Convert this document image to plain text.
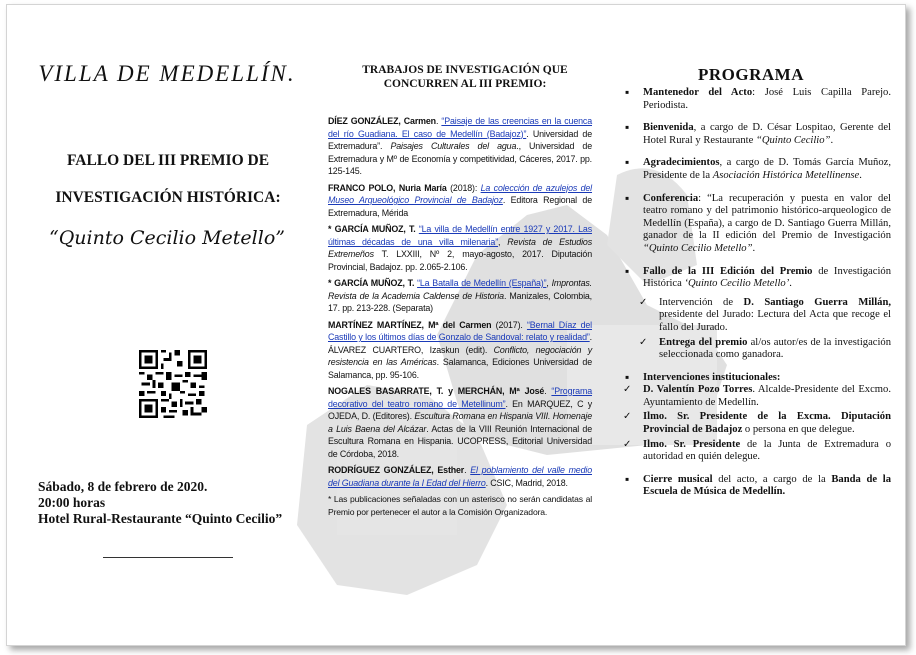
VILLA DE MEDELLÍN.
FALLO DEL III PREMIO DE
INVESTIGACIÓN HISTÓRICA:
“Quinto Cecilio Metello”
Sábado, 8 de febrero de 2020.
20:00 horas
Hotel Rural-Restaurante “Quinto Cecilio”
TRABAJOS DE INVESTIGACIÓN QUE
CONCURREN AL III PREMIO:
DÍEZ GONZÁLEZ, Carmen. “Paisaje de las creencias en la cuenca del río Guadiana. El caso de Medellín (Badajoz)”. Universidad de Extremadura”. Paisajes Culturales del agua., Universidad de Extremadura y Mº de Economía y competitividad, Cáceres, 2017. pp. 125-145.
FRANCO POLO, Nuria María (2018): La colección de azulejos del Museo Arqueológico Provincial de Badajoz. Editora Regional de Extremadura, Mérida
* GARCÍA MUÑOZ, T. “La villa de Medellín entre 1927 y 2017. Las últimas décadas de una villa milenaria”, Revista de Estudios Extremeños T. LXXIII, Nº 2, mayo-agosto, 2017. Diputación Provincial, Badajoz. pp. 2.065-2.106.
* GARCÍA MUÑOZ, T. “La Batalla de Medellín (España)”, Improntas. Revista de la Academia Caldense de Historia. Manizales, Colombia, 17. pp. 213-228. (Separata)
MARTÍNEZ MARTÍNEZ, Mª del Carmen (2017). “Bernal Díaz del Castillo y los últimos días de Gonzalo de Sandoval: relato y realidad”. ÁLVAREZ CUARTERO, Izaskun (edit). Conflicto, negociación y resistencia en las Américas. Salamanca, Ediciones Universidad de Salamanca, pp. 95-106.
NOGALES BASARRATE, T. y MERCHÁN, Mª José. “Programa decorativo del teatro romano de Metellinum”. En MARQUEZ, C y OJEDA, D. (Editores). Escultura Romana en Hispania VIII. Homenaje a Luis Baena del Alcázar. Actas de la VIII Reunión Internacional de Escultura Romana en Hispania. UCOPRESS, Editorial Universidad de Córdoba, 2018.
RODRÍGUEZ GONZÁLEZ, Esther. El poblamiento del valle medio del Guadiana durante la I Edad del Hierro. CSIC, Madrid, 2018.
* Las publicaciones señaladas con un asterisco no serán candidatas al Premio por pertenecer el autor a la Comisión Organizadora.
PROGRAMA
▪ Mantenedor del Acto: José Luis Capilla Parejo. Periodista.
▪ Bienvenida, a cargo de D. César Lospitao, Gerente del Hotel Rural y Restaurante “Quinto Cecilio”.
▪ Agradecimientos, a cargo de D. Tomás García Muñoz, Presidente de la Asociación Histórica Metellinense.
▪ Conferencia: “La recuperación y puesta en valor del teatro romano y del patrimonio histórico-arqueologico de Medellín (España), a cargo de D. Santiago Guerra Millán, ganador de la II edición del Premio de Investigación “Quinto Cecilio Metello”.
▪ Fallo de la III Edición del Premio de Investigación Histórica ‘Quinto Cecilio Metello’.
✓ Intervención de D. Santiago Guerra Millán, presidente del Jurado: Lectura del Acta que recoge el fallo del Jurado.
✓ Entrega del premio al/os autor/es de la investigación seleccionada como ganadora.
▪ Intervenciones institucionales:
✓ D. Valentín Pozo Torres. Alcalde-Presidente del Excmo. Ayuntamiento de Medellín.
✓ Ilmo. Sr. Presidente de la Excma. Diputación Provincial de Badajoz o persona en que delegue.
✓ Ilmo. Sr. Presidente de la Junta de Extremadura o autoridad en quién delegue.
▪ Cierre musical del acto, a cargo de la Banda de la Escuela de Música de Medellín.
